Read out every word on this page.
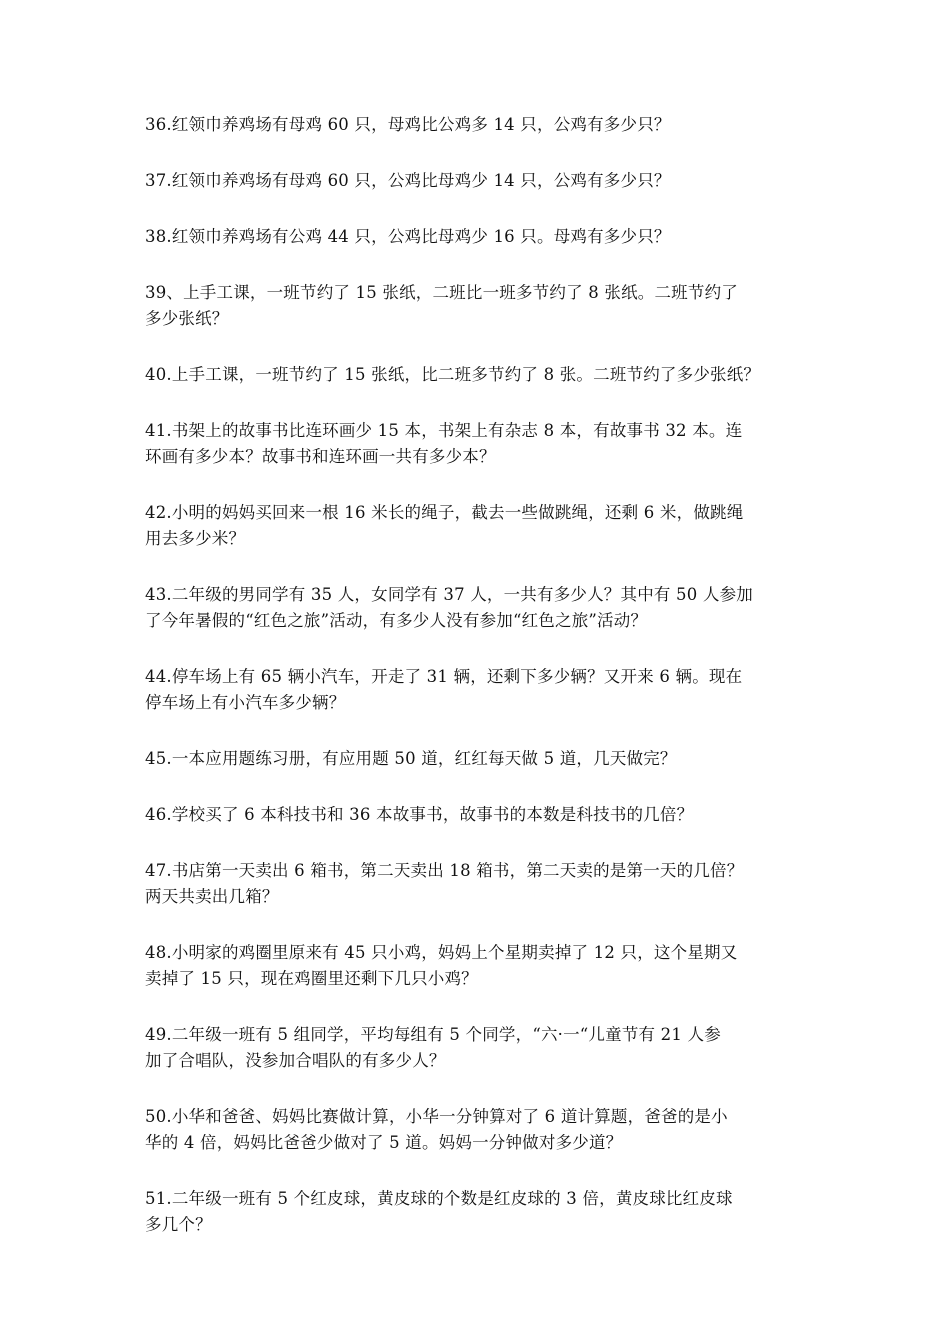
36.红领巾养鸡场有母鸡 60 只，母鸡比公鸡多 14 只，公鸡有多少只？

37.红领巾养鸡场有母鸡 60 只，公鸡比母鸡少 14 只，公鸡有多少只？

38.红领巾养鸡场有公鸡 44 只，公鸡比母鸡少 16 只。母鸡有多少只？

39、上手工课，一班节约了 15 张纸，二班比一班多节约了 8 张纸。二班节约了
多少张纸？

40.上手工课，一班节约了 15 张纸，比二班多节约了 8 张。二班节约了多少张纸？

41.书架上的故事书比连环画少 15 本，书架上有杂志 8 本，有故事书 32 本。连
环画有多少本？故事书和连环画一共有多少本？

42.小明的妈妈买回来一根 16 米长的绳子，截去一些做跳绳，还剩 6 米，做跳绳
用去多少米？

43.二年级的男同学有 35 人，女同学有 37 人，一共有多少人？其中有 50 人参加
了今年暑假的“红色之旅”活动，有多少人没有参加“红色之旅”活动？

44.停车场上有 65 辆小汽车，开走了 31 辆，还剩下多少辆？又开来 6 辆。现在
停车场上有小汽车多少辆？

45.一本应用题练习册，有应用题 50 道，红红每天做 5 道，几天做完？

46.学校买了 6 本科技书和 36 本故事书，故事书的本数是科技书的几倍？

47.书店第一天卖出 6 箱书，第二天卖出 18 箱书，第二天卖的是第一天的几倍？
两天共卖出几箱？

48.小明家的鸡圈里原来有 45 只小鸡，妈妈上个星期卖掉了 12 只，这个星期又
卖掉了 15 只，现在鸡圈里还剩下几只小鸡？

49.二年级一班有 5 组同学，平均每组有 5 个同学，“六·一“儿童节有 21 人参
加了合唱队，没参加合唱队的有多少人？

50.小华和爸爸、妈妈比赛做计算，小华一分钟算对了 6 道计算题，爸爸的是小
华的 4 倍，妈妈比爸爸少做对了 5 道。妈妈一分钟做对多少道？

51.二年级一班有 5 个红皮球，黄皮球的个数是红皮球的 3 倍，黄皮球比红皮球
多几个？
